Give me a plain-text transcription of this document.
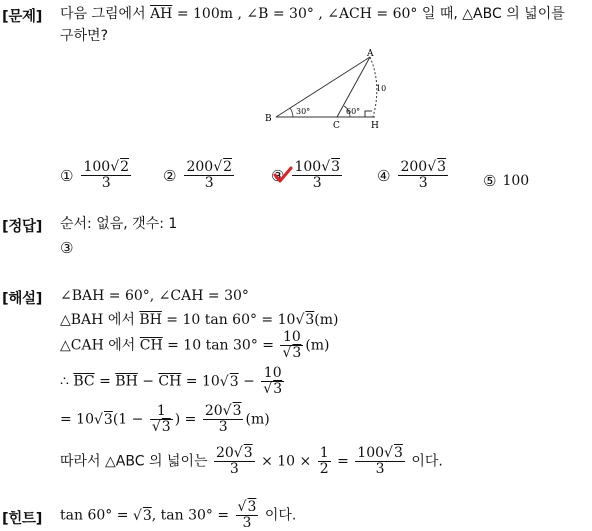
[문제] 다음 그림에서 $\overline{AH} = 100m$ , ∠B = 30° , ∠ACH = 60° 일 때, △ABC 의 넓이를
구하면?
A
B
C	H
10
30°	60°
① $\frac{100√2}{3}$ ② $\frac{200√2}{3}$ ③ $\frac{100√3}{3}$ ④ $\frac{200√3}{3}$ ⑤ 100
[정답] 순서: 없음, 갯수: 1
③
[해설] ∠BAH = 60°, ∠CAH = 30°
△BAH 에서 $\overline{BH} = 10$ tan 60° = 10√3(m)
△CAH 에서 $\overline{CH} = 10$ $\tan 30^\circ = \frac{10}{√3} (m)$
∴ $\overline{BC} = \overline{BH} - \overline{CH} = 10√3 - \frac{10}{√3}$
= $10√3(1 - \frac{1}{√3}$ ) = $\frac{20√3}{3} (m)$
따라서 △ABC 의 넓이는 $\frac{20√3}{3} \times 10 \times \frac{1}{2} = \frac{100√3}{3}$ 이다.
[힌트] tan 60° = √3, $\tan 30^\circ = \frac{√3}{3}$ 이다.
